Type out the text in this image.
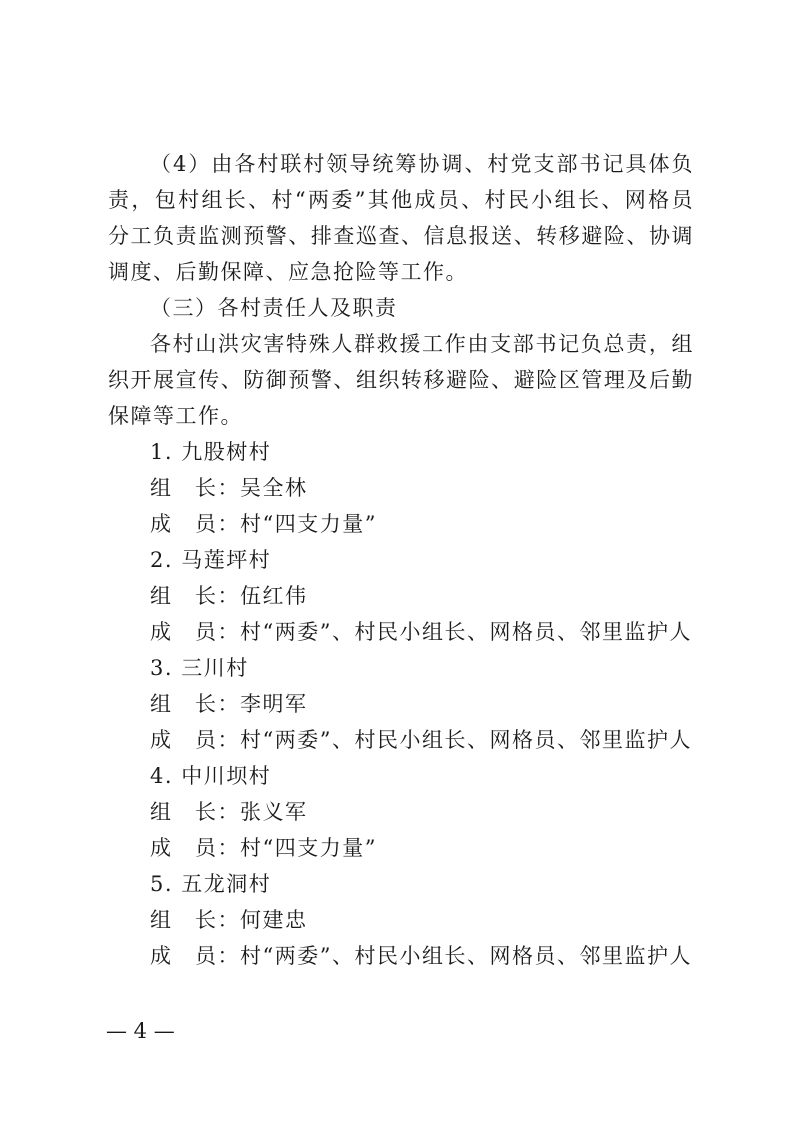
（4）由各村联村领导统筹协调、村党支部书记具体负责，包村组长、村“两委”其他成员、村民小组长、网格员分工负责监测预警、排查巡查、信息报送、转移避险、协调调度、后勤保障、应急抢险等工作。

（三）各村责任人及职责

各村山洪灾害特殊人群救援工作由支部书记负总责，组织开展宣传、防御预警、组织转移避险、避险区管理及后勤保障等工作。

1. 九股树村

组　长：吴全林

成　员：村“四支力量”

2. 马莲坪村

组　长：伍红伟

成　员：村“两委”、村民小组长、网格员、邻里监护人

3. 三川村

组　长：李明军

成　员：村“两委”、村民小组长、网格员、邻里监护人

4. 中川坝村

组　长：张义军

成　员：村“四支力量”

5. 五龙洞村

组　长：何建忠

成　员：村“两委”、村民小组长、网格员、邻里监护人

— 4 —
